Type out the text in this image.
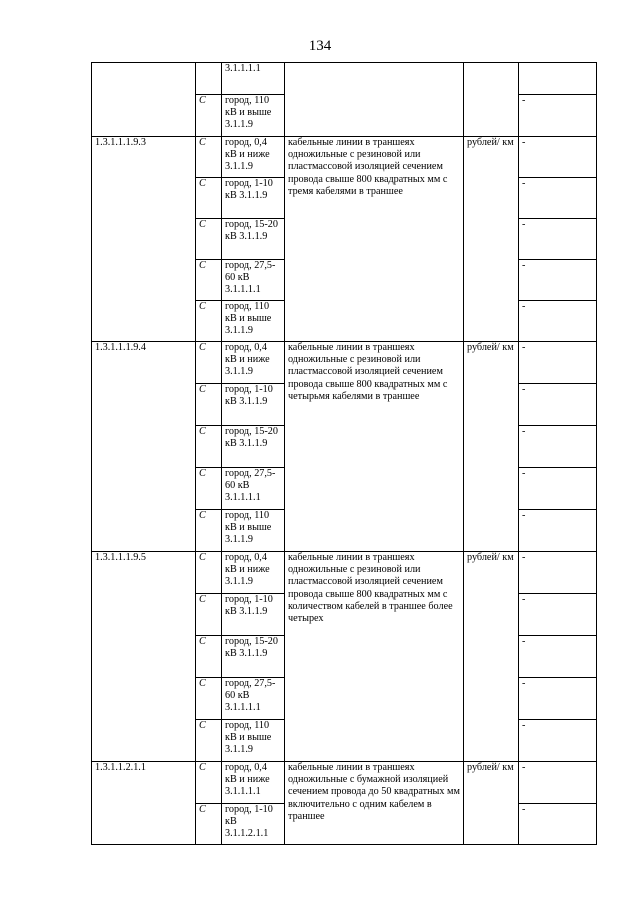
134
		3.1.1.1.1			
	С	город, 110 кВ и выше 3.1.1.9			-
1.3.1.1.1.9.3	С	город, 0,4 кВ и ниже 3.1.1.9	кабельные линии в траншеях одножильные с резиновой или пластмассовой изоляцией сечением провода свыше 800 квадратных мм с тремя кабелями в траншее	рублей/ км	-
	С	город, 1-10 кВ 3.1.1.9			-
	С	город, 15-20 кВ 3.1.1.9			-
	С	город, 27,5-60 кВ 3.1.1.1.1			-
	С	город, 110 кВ и выше 3.1.1.9			-
1.3.1.1.1.9.4	С	город, 0,4 кВ и ниже 3.1.1.9	кабельные линии в траншеях одножильные с резиновой или пластмассовой изоляцией сечением провода свыше 800 квадратных мм с четырьмя кабелями в траншее	рублей/ км	-
	С	город, 1-10 кВ 3.1.1.9			-
	С	город, 15-20 кВ 3.1.1.9			-
	С	город, 27,5-60 кВ 3.1.1.1.1			-
	С	город, 110 кВ и выше 3.1.1.9			-
1.3.1.1.1.9.5	С	город, 0,4 кВ и ниже 3.1.1.9	кабельные линии в траншеях одножильные с резиновой или пластмассовой изоляцией сечением провода свыше 800 квадратных мм с количеством кабелей в траншее более четырех	рублей/ км	-
	С	город, 1-10 кВ 3.1.1.9			-
	С	город, 15-20 кВ 3.1.1.9			-
	С	город, 27,5-60 кВ 3.1.1.1.1			-
	С	город, 110 кВ и выше 3.1.1.9			-
1.3.1.1.2.1.1	С	город, 0,4 кВ и ниже 3.1.1.1.1	кабельные линии в траншеях одножильные с бумажной изоляцией сечением провода до 50 квадратных мм включительно с одним кабелем в траншее	рублей/ км	-
	С	город, 1-10 кВ 3.1.1.2.1.1			-
